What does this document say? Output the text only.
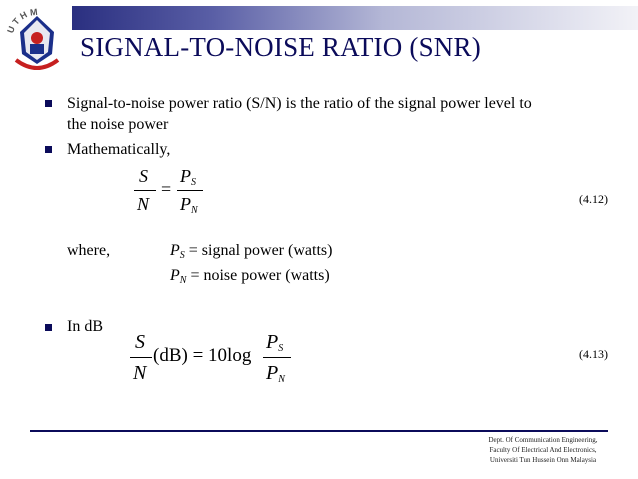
U T H M
SIGNAL-TO-NOISE RATIO (SNR)
Signal-to-noise power ratio (S/N) is the ratio of the signal power level to
the noise power
Mathematically,
S
N
=
$P_S$
$P_N$
(4.12)
where,	$P_S$ = signal power (watts)
$P_N$ = noise power (watts)
In dB
S
N
(dB) = 10log
$P_S$
$P_N$
(4.13)
Dept. Of Communication Engineering,
Faculty Of Electrical And Electronics,
Universiti Tun Hussein Onn Malaysia
